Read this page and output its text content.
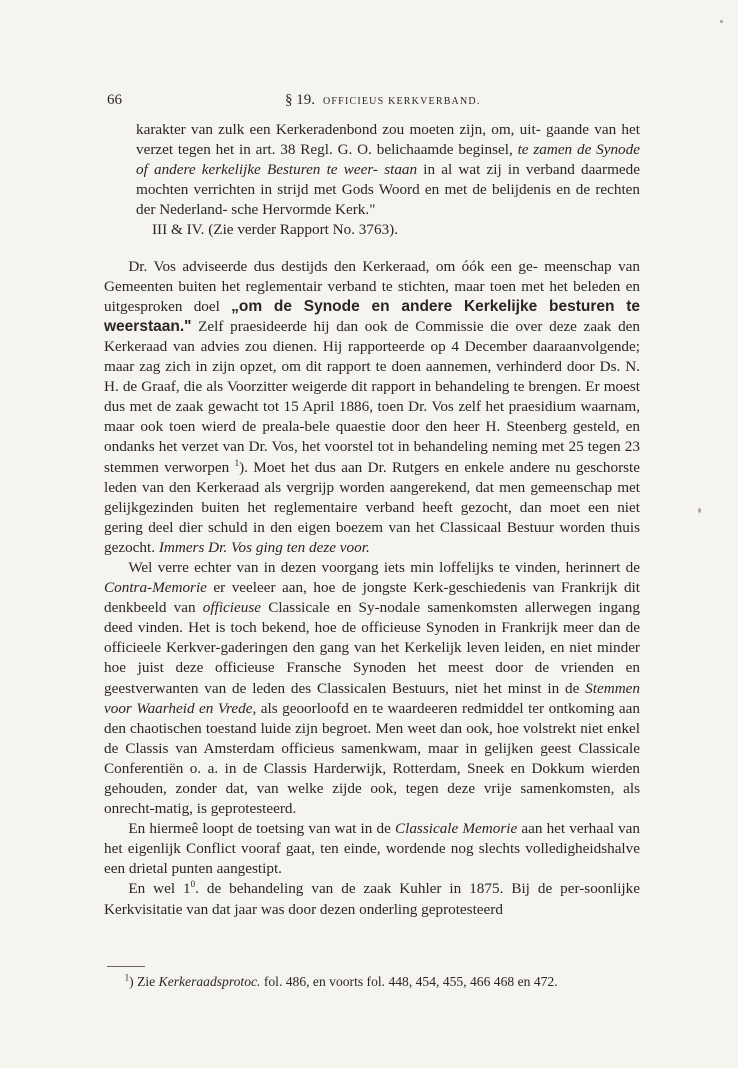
66	§ 19. OFFICIEUS KERKVERBAND.

karakter van zulk een Kerkeradenbond zou moeten zijn, om, uit- gaande van het verzet tegen het in art. 38 Regl. G. O. belichaamde beginsel, te zamen de Synode of andere kerkelijke Besturen te weer- staan in al wat zij in verband daarmede mochten verrichten in strijd met Gods Woord en met de belijdenis en de rechten der Nederland- sche Hervormde Kerk."

III & IV. (Zie verder Rapport No. 3763).

Dr. Vos adviseerde dus destijds den Kerkeraad, om óók een ge- meenschap van Gemeenten buiten het reglementair verband te stichten, maar toen met het beleden en uitgesproken doel „om de Synode en andere Kerkelijke besturen te weerstaan." Zelf praesideerde hij dan ook de Commissie die over deze zaak den Kerkeraad van advies zou dienen. Hij rapporteerde op 4 December daaraanvolgende; maar zag zich in zijn opzet, om dit rapport te doen aannemen, verhinderd door Ds. N. H. de Graaf, die als Voorzitter weigerde dit rapport in behandeling te brengen. Er moest dus met de zaak gewacht tot 15 April 1886, toen Dr. Vos zelf het praesidium waarnam, maar ook toen wierd de preala-bele quaestie door den heer H. Steenberg gesteld, en ondanks het verzet van Dr. Vos, het voorstel tot in behandeling neming met 25 tegen 23 stemmen verworpen $^1$). Moet het dus aan Dr. Rutgers en enkele andere nu geschorste leden van den Kerkeraad als vergrijp worden aangerekend, dat men gemeenschap met gelijkgezinden buiten het reglementaire verband heeft gezocht, dan moet een niet gering deel dier schuld in den eigen boezem van het Classicaal Bestuur worden thuis gezocht. Immers Dr. Vos ging ten deze voor.

Wel verre echter van in dezen voorgang iets min loffelijks te vinden, herinnert de Contra-Memorie er veeleer aan, hoe de jongste Kerk-geschiedenis van Frankrijk dit denkbeeld van officieuse Classicale en Sy-nodale samenkomsten allerwegen ingang deed vinden. Het is toch bekend, hoe de officieuse Synoden in Frankrijk meer dan de officieele Kerkver-gaderingen den gang van het Kerkelijk leven leiden, en niet minder hoe juist deze officieuse Fransche Synoden het meest door de vrienden en geestverwanten van de leden des Classicalen Bestuurs, niet het minst in de Stemmen voor Waarheid en Vrede, als geoorloofd en te waardeeren redmiddel ter ontkoming aan den chaotischen toestand luide zijn begroet. Men weet dan ook, hoe volstrekt niet enkel de Classis van Amsterdam officieus samenkwam, maar in gelijken geest Classicale Conferentiën o. a. in de Classis Harderwijk, Rotterdam, Sneek en Dokkum wierden gehouden, zonder dat, van welke zijde ook, tegen deze vrije samenkomsten, als onrecht-matig, is geprotesteerd.

En hiermeê loopt de toetsing van wat in de Classicale Memorie aan het verhaal van het eigenlijk Conflict vooraf gaat, ten einde, wordende nog slechts volledigheidshalve een drietal punten aangestipt.

En wel $1^0$. de behandeling van de zaak Kuhler in 1875. Bij de per-soonlijke Kerkvisitatie van dat jaar was door dezen onderling geprotesteerd

$^1$) Zie Kerkeraadsprotoc. fol. 486, en voorts fol. 448, 454, 455, 466 468 en 472.
